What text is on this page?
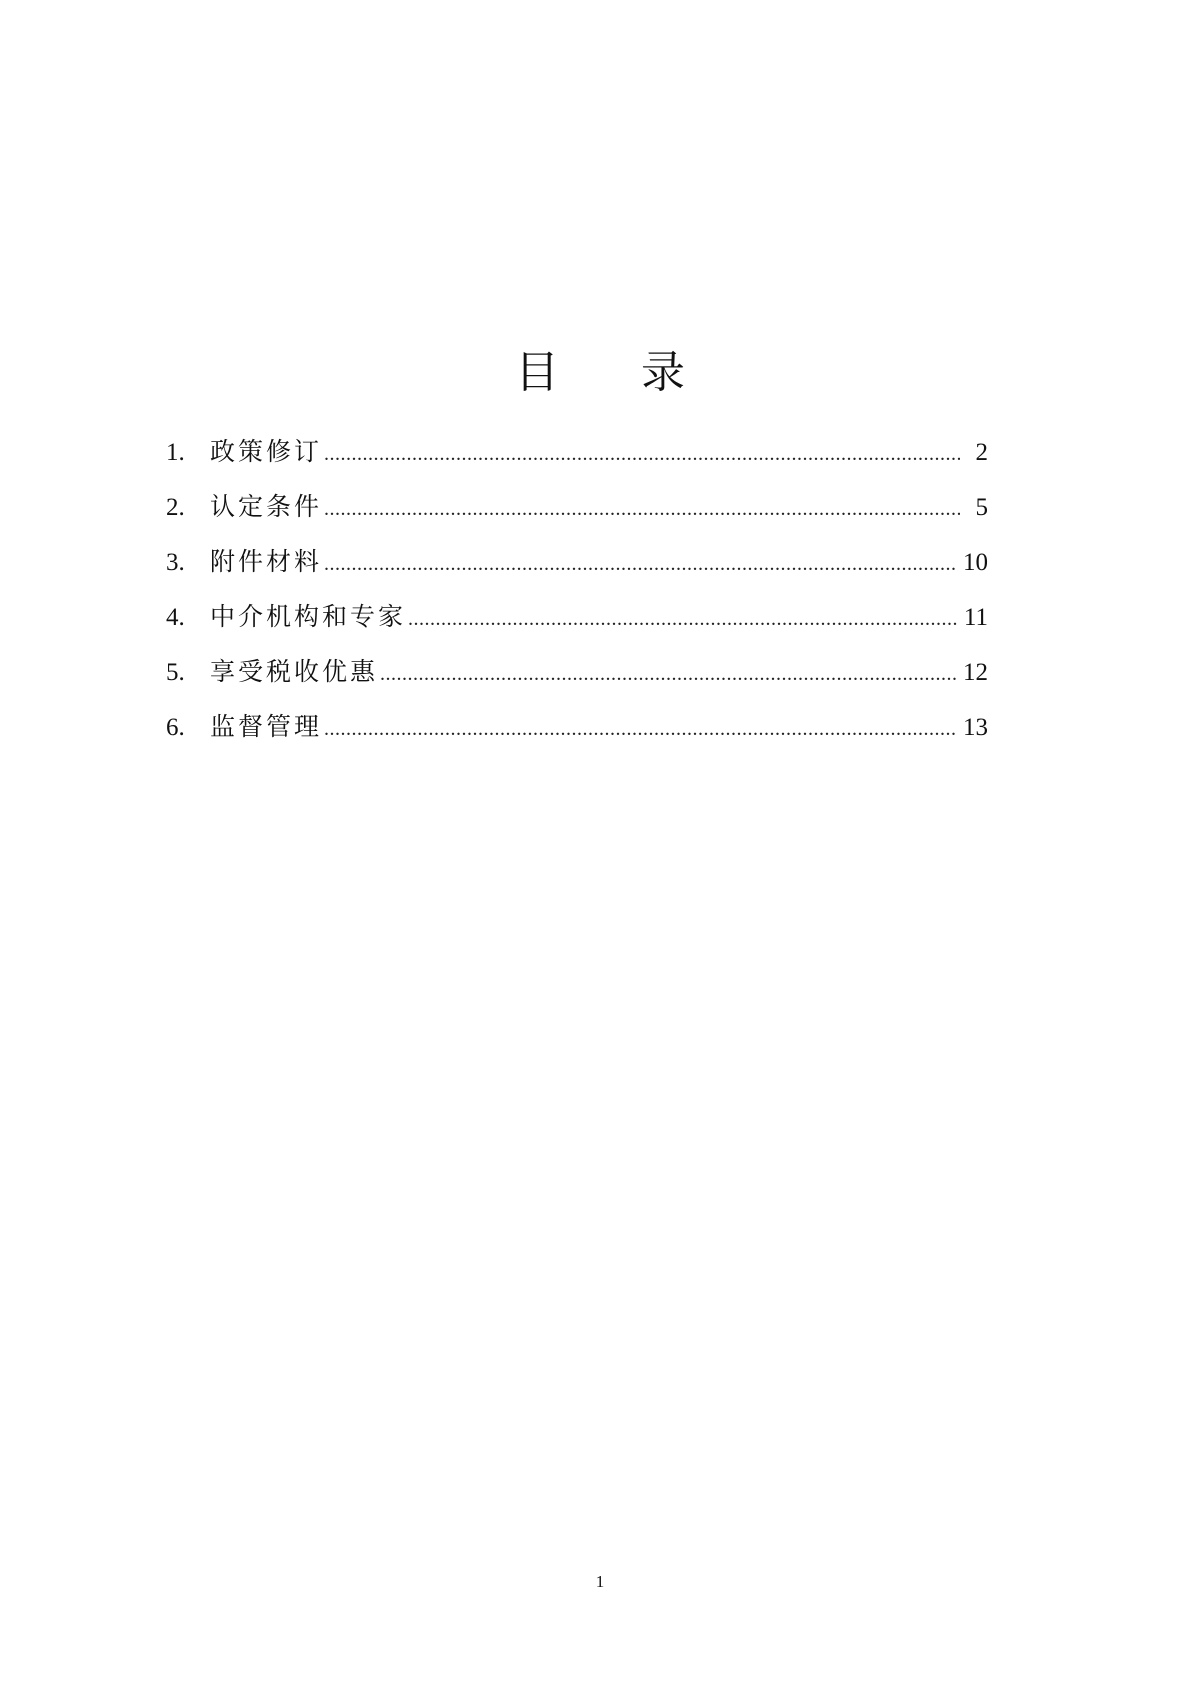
目 录
1.	政策修订 .....	2
2.	认定条件 .....	5
3.	附件材料 .....	10
4.	中介机构和专家 .....	11
5.	享受税收优惠 .....	12
6.	监督管理 .....	13
1
